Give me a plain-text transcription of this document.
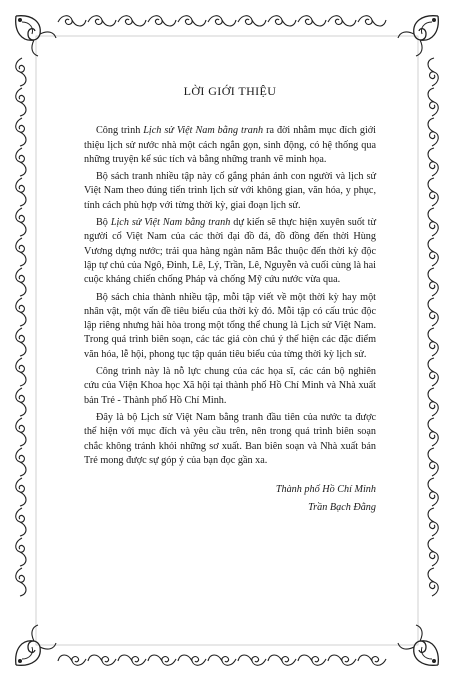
LỜI GIỚI THIỆU

Công trình Lịch sử Việt Nam bằng tranh ra đời nhằm mục đích giới thiệu lịch sử nước nhà một cách ngắn gọn, sinh động, có hệ thống qua những truyện kể súc tích và bằng những tranh vẽ minh họa.

Bộ sách tranh nhiều tập này cố gắng phản ánh con người và lịch sử Việt Nam theo đúng tiến trình lịch sử với không gian, văn hóa, y phục, tính cách phù hợp với từng thời kỳ, giai đoạn lịch sử.

Bộ Lịch sử Việt Nam bằng tranh dự kiến sẽ thực hiện xuyên suốt từ người cổ Việt Nam của các thời đại đồ đá, đồ đồng đến thời Hùng Vương dựng nước; trải qua hàng ngàn năm Bắc thuộc đến thời kỳ độc lập tự chủ của Ngô, Đinh, Lê, Lý, Trần, Lê, Nguyễn và cuối cùng là hai cuộc kháng chiến chống Pháp và chống Mỹ cứu nước vừa qua.

Bộ sách chia thành nhiều tập, mỗi tập viết về một thời kỳ hay một nhân vật, một vấn đề tiêu biểu của thời kỳ đó. Mỗi tập có cấu trúc độc lập riêng nhưng hài hòa trong một tổng thể chung là Lịch sử Việt Nam. Trong quá trình biên soạn, các tác giả còn chú ý thể hiện các đặc điểm văn hóa, lễ hội, phong tục tập quán tiêu biểu của từng thời kỳ lịch sử.

Công trình này là nỗ lực chung của các họa sĩ, các cán bộ nghiên cứu của Viện Khoa học Xã hội tại thành phố Hồ Chí Minh và Nhà xuất bản Trẻ - Thành phố Hồ Chí Minh.

Đây là bộ Lịch sử Việt Nam bằng tranh đầu tiên của nước ta được thể hiện với mục đích và yêu cầu trên, nên trong quá trình biên soạn chắc không tránh khỏi những sơ xuất. Ban biên soạn và Nhà xuất bản Trẻ mong được sự góp ý của bạn đọc gần xa.

Thành phố Hồ Chí Minh
Trần Bạch Đằng
